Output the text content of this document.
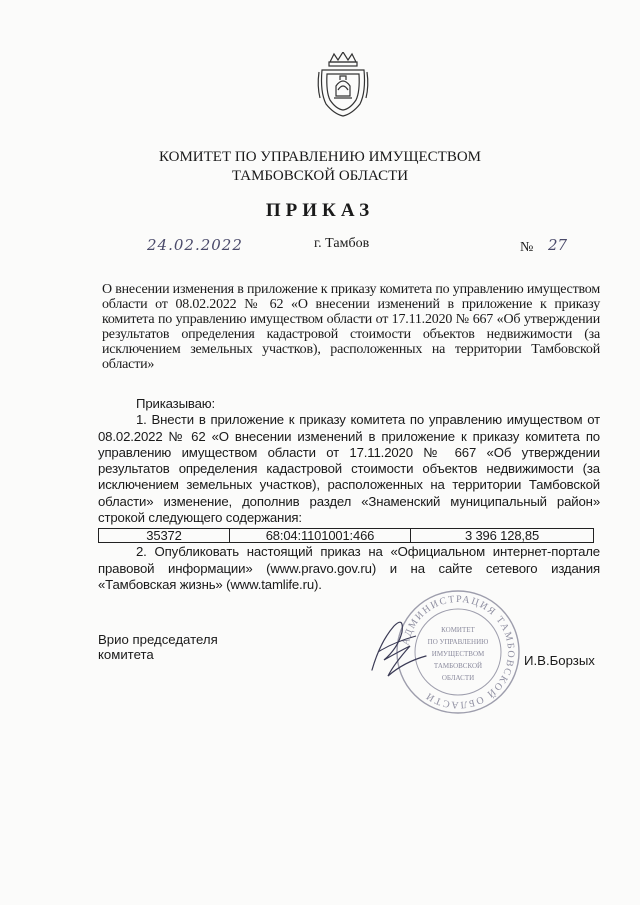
КОМИТЕТ ПО УПРАВЛЕНИЮ ИМУЩЕСТВОМ
ТАМБОВСКОЙ ОБЛАСТИ
ПРИКАЗ
24.02.2022	г. Тамбов	№ 27
О внесении изменения в приложение к приказу комитета по управлению имуществом области от 08.02.2022 № 62 «О внесении изменений в приложение к приказу комитета по управлению имуществом области от 17.11.2020 № 667 «Об утверждении результатов определения кадастровой стоимости объектов недвижимости (за исключением земельных участков), расположенных на территории Тамбовской области»

Приказываю:

1. Внести в приложение к приказу комитета по управлению имуществом от 08.02.2022 № 62 «О внесении изменений в приложение к приказу комитета по управлению имуществом области от 17.11.2020 № 667 «Об утверждении результатов определения кадастровой стоимости объектов недвижимости (за исключением земельных участков), расположенных на территории Тамбовской области» изменение, дополнив раздел «Знаменский муниципальный район» строкой следующего содержания:

35372	68:04:1101001:466	3 396 128,85

2. Опубликовать настоящий приказ на «Официальном интернет-портале правовой информации» (www.pravo.gov.ru) и на сайте сетевого издания «Тамбовская жизнь» (www.tamlife.ru).

Врио председателя
комитета
АДМИНИСТРАЦИЯ ТАМБОВСКОЙ ОБЛАСТИ
КОМИТЕТ
ПО УПРАВЛЕНИЮ
ИМУЩЕСТВОМ
ТАМБОВСКОЙ
ОБЛАСТИ
И.В.Борзых
